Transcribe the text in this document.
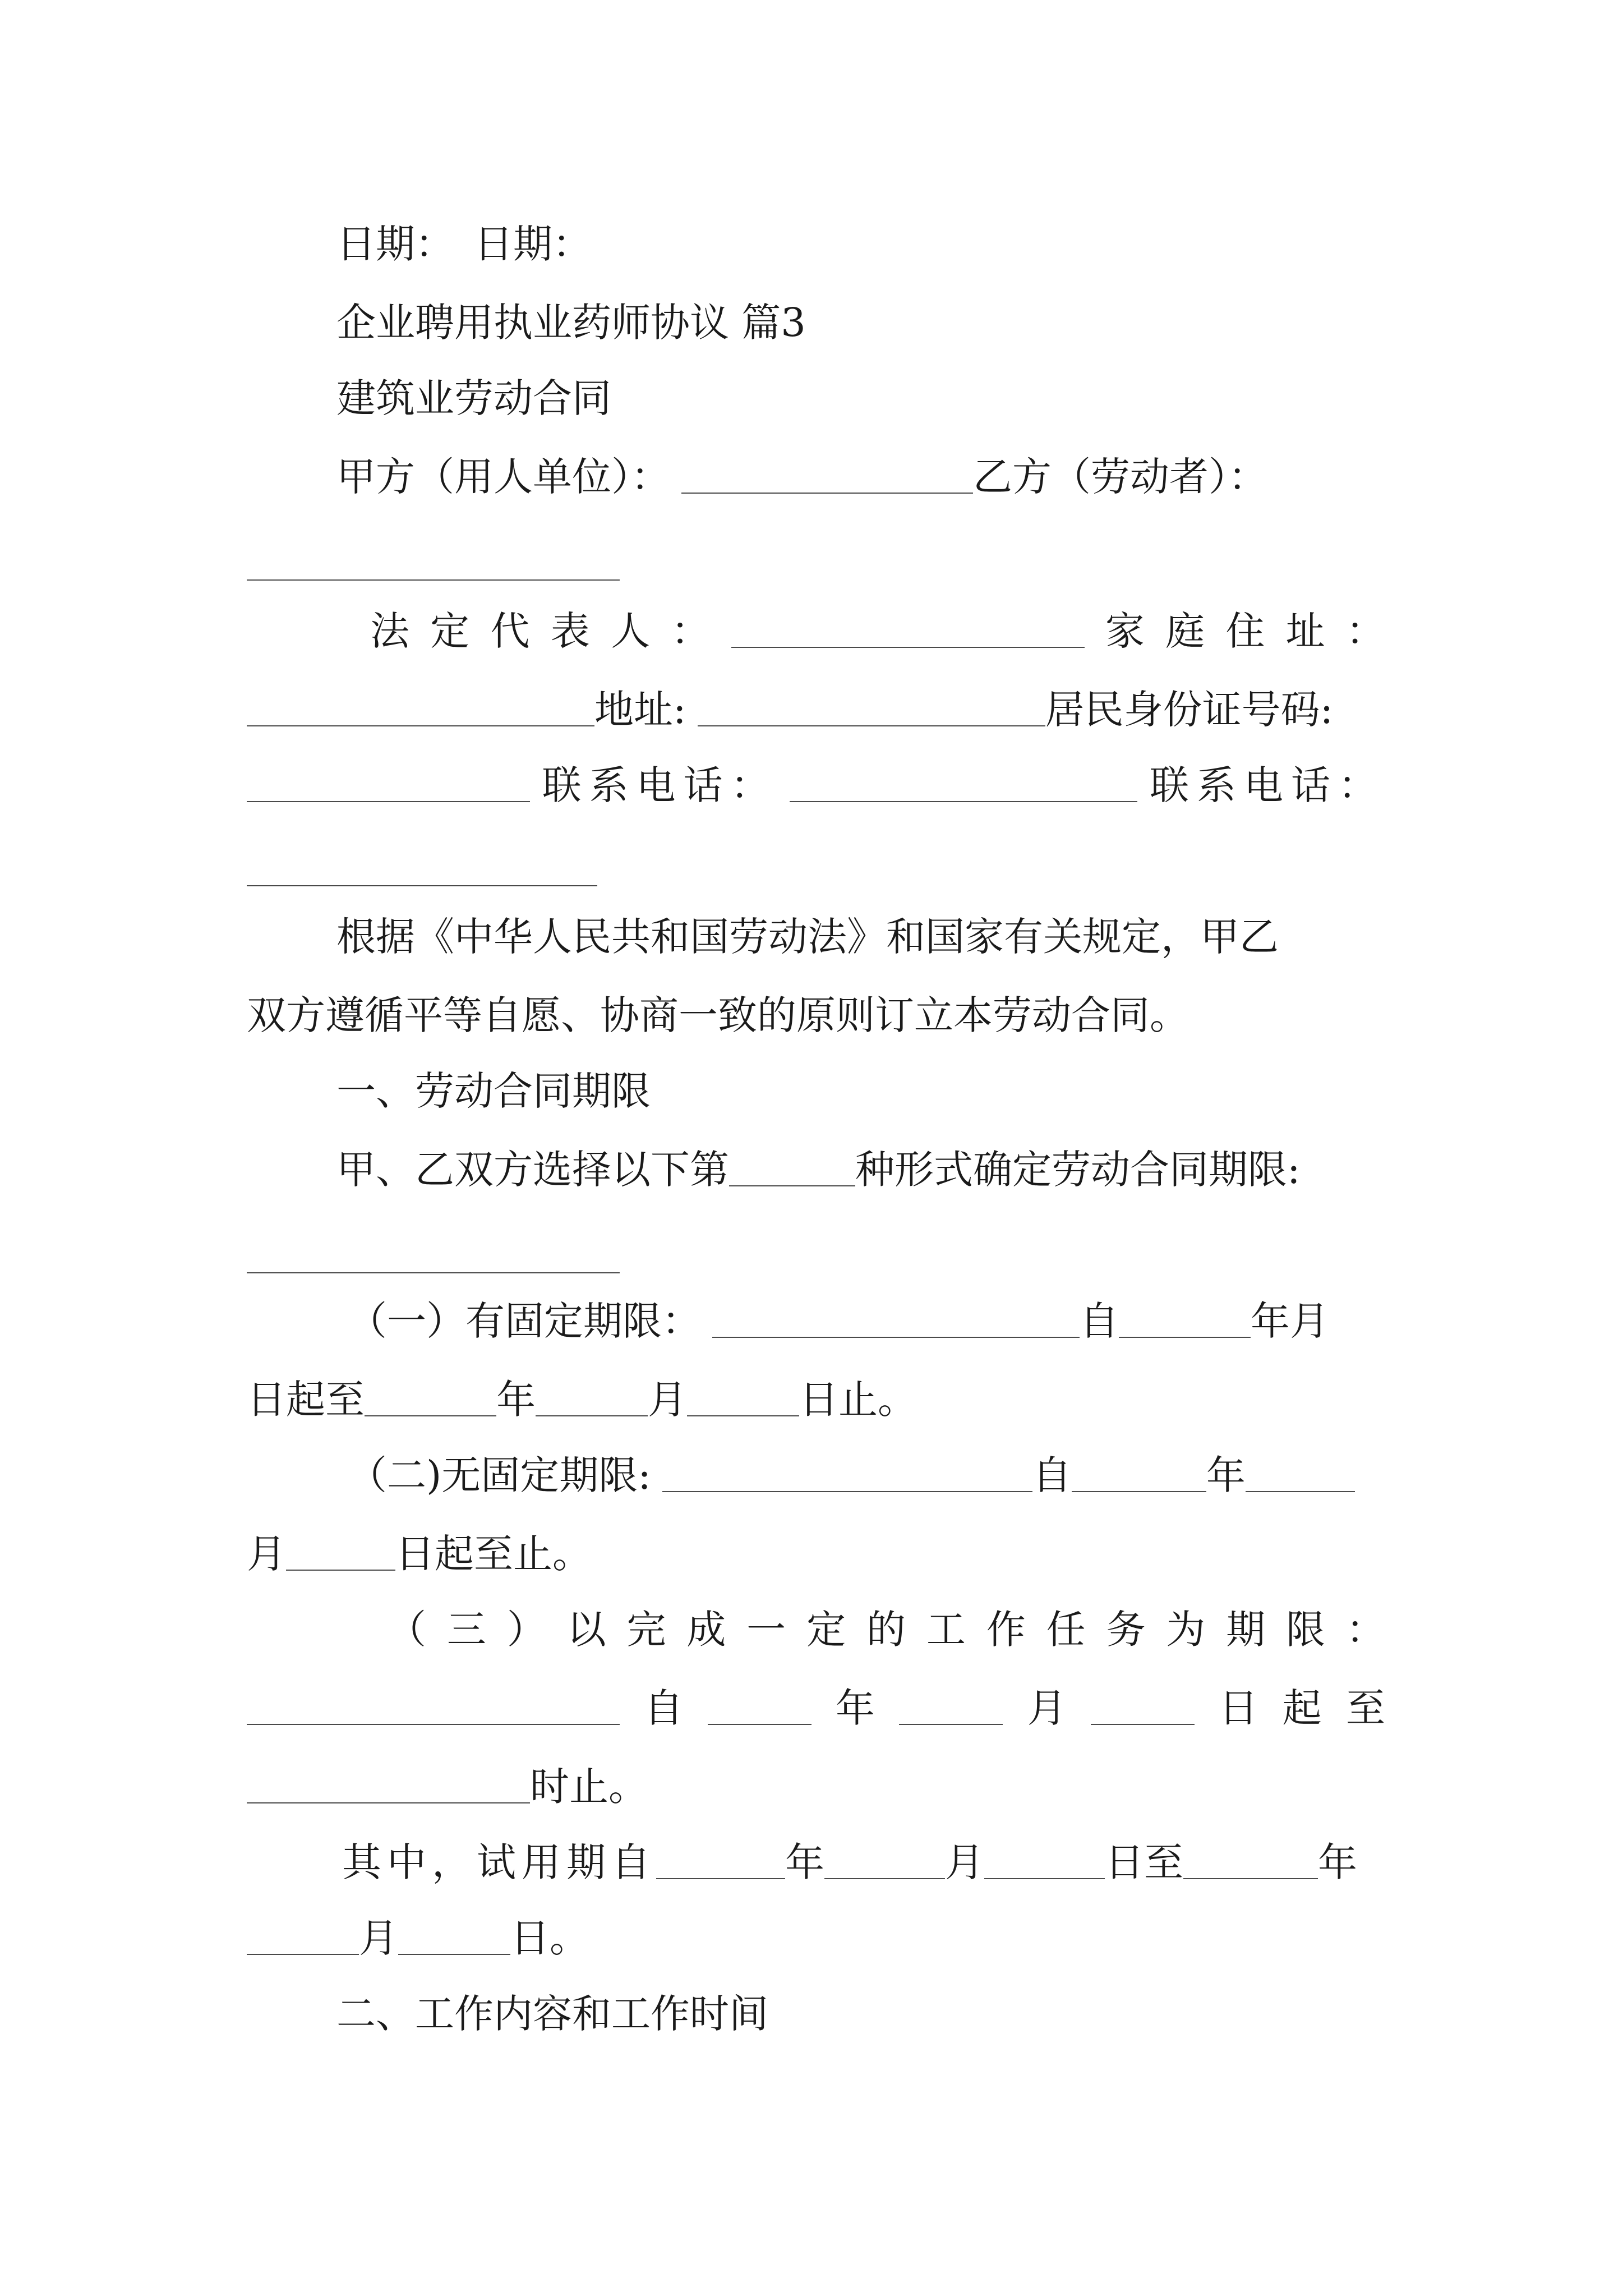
日期：　日期：
企业聘用执业药师协议 篇3
建筑业劳动合同
甲方（用人单位）：	乙方（劳动者）：
法 定 代 表 人 ：	家 庭 住 址 ：
地址:	居民身份证号码:
联系电话：	联系电话：
根据《中华人民共和国劳动法》和国家有关规定，甲乙
双方遵循平等自愿、协商一致的原则订立本劳动合同。
一、劳动合同期限
甲、乙双方选择以下第	种形式确定劳动合同期限:
（一）有固定期限：	自	年月
日起至	年	月	日止。
（二)无固定期限:	自	年
月	日起至止。
（ 三 ） 以 完 成 一 定 的 工 作 任 务 为 期 限 ：
自	年	月	日 起 至
时止。
其中，试用期自	年	月	日至	年
月	日。
二、工作内容和工作时间
